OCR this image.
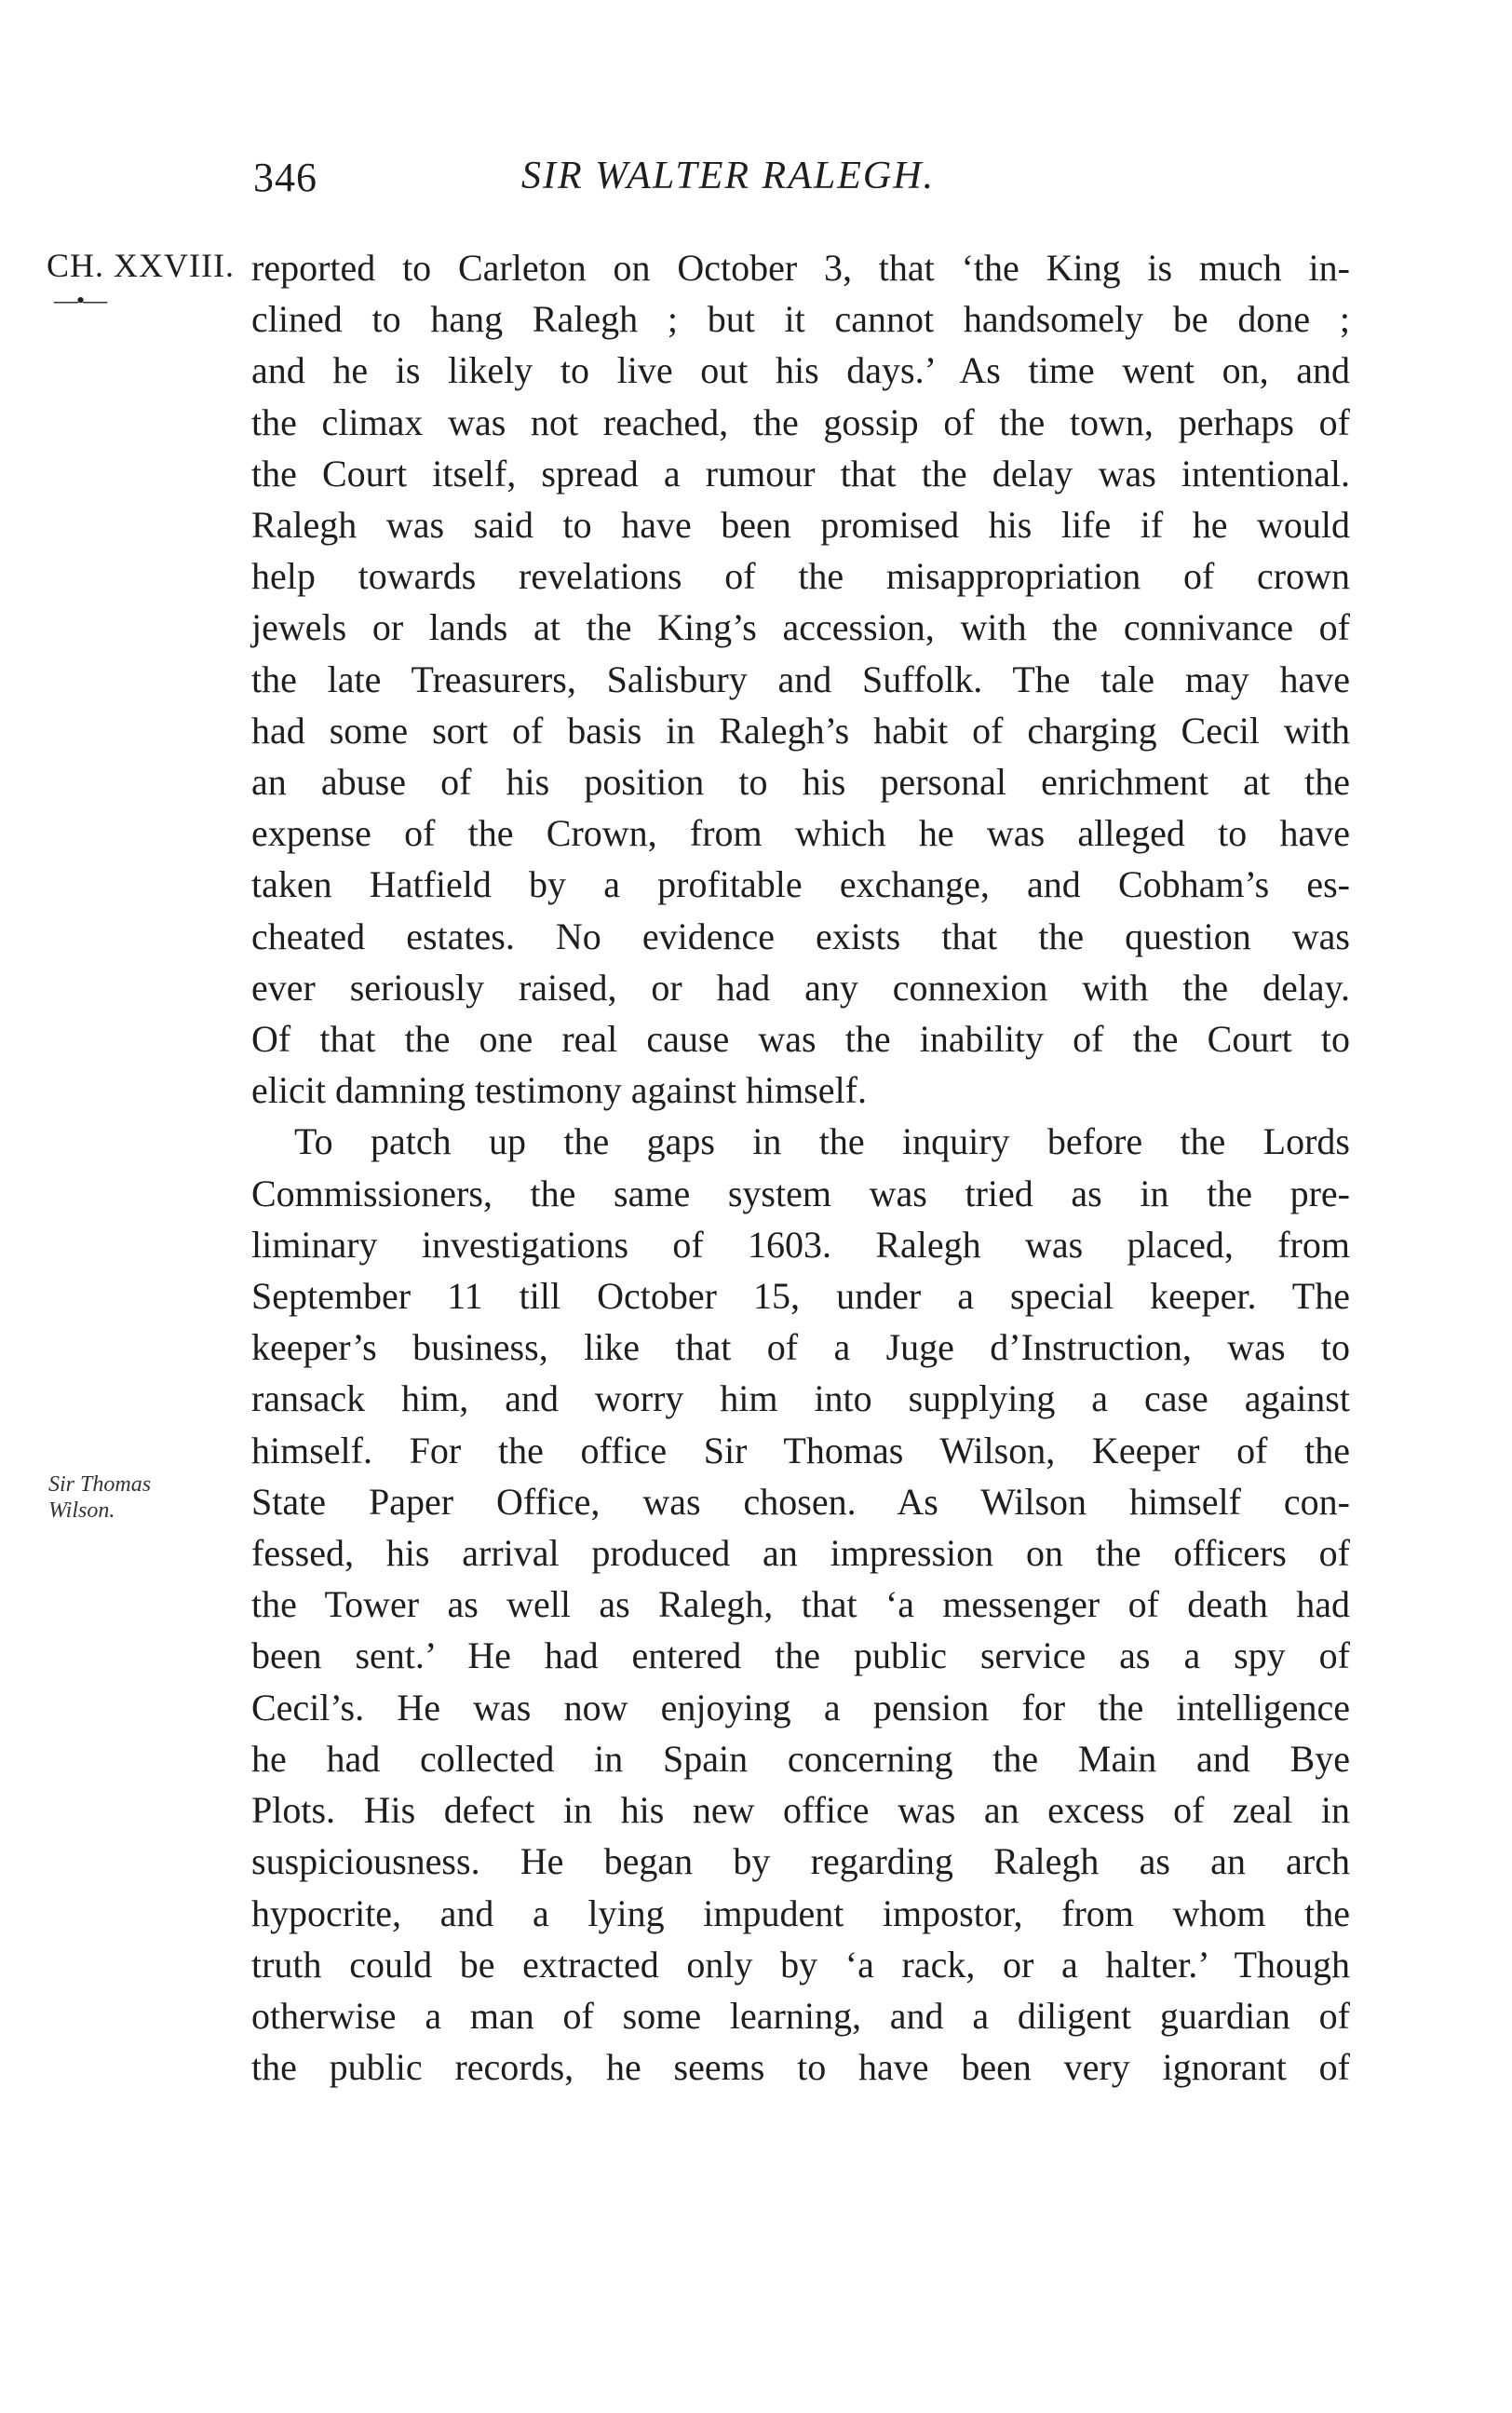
346	SIR WALTER RALEGH.
CH. XXVIII.
—•—
Sir Thomas
Wilson.
reported to Carleton on October 3, that ‘the King is much in-
clined to hang Ralegh ; but it cannot handsomely be done ;
and he is likely to live out his days.’ As time went on, and
the climax was not reached, the gossip of the town, perhaps of
the Court itself, spread a rumour that the delay was intentional.
Ralegh was said to have been promised his life if he would
help towards revelations of the misappropriation of crown
jewels or lands at the King’s accession, with the connivance of
the late Treasurers, Salisbury and Suffolk. The tale may have
had some sort of basis in Ralegh’s habit of charging Cecil with
an abuse of his position to his personal enrichment at the
expense of the Crown, from which he was alleged to have
taken Hatfield by a profitable exchange, and Cobham’s es-
cheated estates. No evidence exists that the question was
ever seriously raised, or had any connexion with the delay.
Of that the one real cause was the inability of the Court to
elicit damning testimony against himself.
To patch up the gaps in the inquiry before the Lords
Commissioners, the same system was tried as in the pre-
liminary investigations of 1603. Ralegh was placed, from
September 11 till October 15, under a special keeper. The
keeper’s business, like that of a Juge d’Instruction, was to
ransack him, and worry him into supplying a case against
himself. For the office Sir Thomas Wilson, Keeper of the
State Paper Office, was chosen. As Wilson himself con-
fessed, his arrival produced an impression on the officers of
the Tower as well as Ralegh, that ‘a messenger of death had
been sent.’ He had entered the public service as a spy of
Cecil’s. He was now enjoying a pension for the intelligence
he had collected in Spain concerning the Main and Bye
Plots. His defect in his new office was an excess of zeal in
suspiciousness. He began by regarding Ralegh as an arch
hypocrite, and a lying impudent impostor, from whom the
truth could be extracted only by ‘a rack, or a halter.’ Though
otherwise a man of some learning, and a diligent guardian of
the public records, he seems to have been very ignorant of
